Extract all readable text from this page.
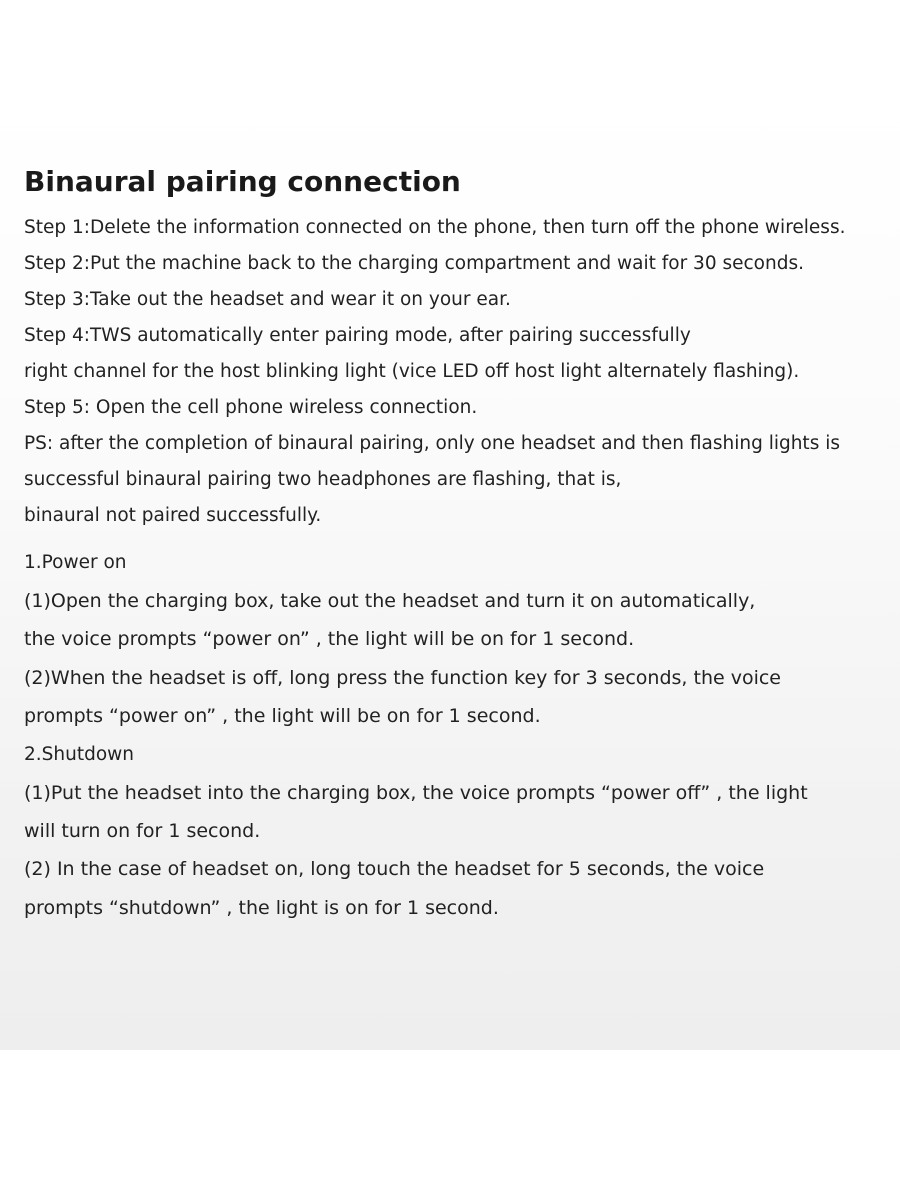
Binaural pairing connection
Step 1:Delete the information connected on the phone, then turn off the phone wireless.
Step 2:Put the machine back to the charging compartment and wait for 30 seconds.
Step 3:Take out the headset and wear it on your ear.
Step 4:TWS automatically enter pairing mode, after pairing successfully
right channel for the host blinking light (vice LED off host light alternately flashing).
Step 5: Open the cell phone wireless connection.
PS: after the completion of binaural pairing, only one headset and then flashing lights is
successful binaural pairing two headphones are flashing, that is,
binaural not paired successfully.
1.Power on
(1)Open the charging box, take out the headset and turn it on automatically,
the voice prompts “power on” , the light will be on for 1 second.
(2)When the headset is off, long press the function key for 3 seconds, the voice
prompts “power on” , the light will be on for 1 second.
2.Shutdown
(1)Put the headset into the charging box, the voice prompts “power off” , the light
will turn on for 1 second.
(2) In the case of headset on, long touch the headset for 5 seconds, the voice
prompts “shutdown” , the light is on for 1 second.
